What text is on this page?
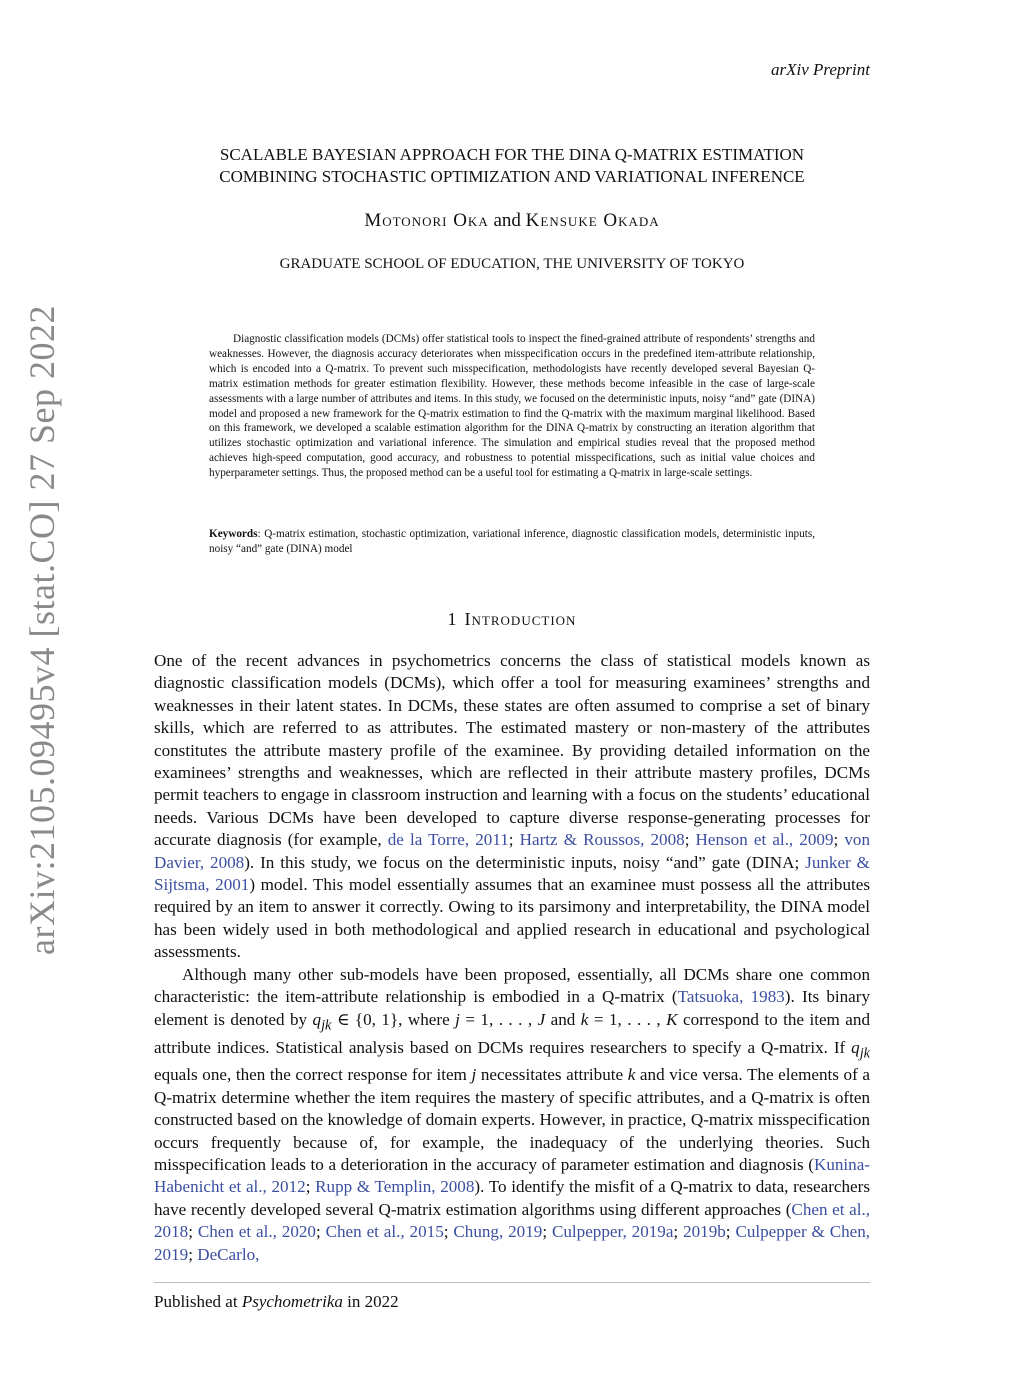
arXiv Preprint
arXiv:2105.09495v4 [stat.CO] 27 Sep 2022
SCALABLE BAYESIAN APPROACH FOR THE DINA Q-MATRIX ESTIMATION
COMBINING STOCHASTIC OPTIMIZATION AND VARIATIONAL INFERENCE
Motonori Oka and Kensuke Okada
GRADUATE SCHOOL OF EDUCATION, THE UNIVERSITY OF TOKYO
Diagnostic classification models (DCMs) offer statistical tools to inspect the fined-grained attribute of respondents’ strengths and weaknesses. However, the diagnosis accuracy deteriorates when misspecification occurs in the predefined item-attribute relationship, which is encoded into a Q-matrix. To prevent such misspecification, methodologists have recently developed several Bayesian Q-matrix estimation methods for greater estimation flexibility. However, these methods become infeasible in the case of large-scale assessments with a large number of attributes and items. In this study, we focused on the deterministic inputs, noisy “and” gate (DINA) model and proposed a new framework for the Q-matrix estimation to find the Q-matrix with the maximum marginal likelihood. Based on this framework, we developed a scalable estimation algorithm for the DINA Q-matrix by constructing an iteration algorithm that utilizes stochastic optimization and variational inference. The simulation and empirical studies reveal that the proposed method achieves high-speed computation, good accuracy, and robustness to potential misspecifications, such as initial value choices and hyperparameter settings. Thus, the proposed method can be a useful tool for estimating a Q-matrix in large-scale settings.
Keywords: Q-matrix estimation, stochastic optimization, variational inference, diagnostic classification models, deterministic inputs, noisy “and” gate (DINA) model
1 Introduction
One of the recent advances in psychometrics concerns the class of statistical models known as diagnostic classification models (DCMs), which offer a tool for measuring examinees’ strengths and weaknesses in their latent states. In DCMs, these states are often assumed to comprise a set of binary skills, which are referred to as attributes. The estimated mastery or non-mastery of the attributes constitutes the attribute mastery profile of the examinee. By providing detailed information on the examinees’ strengths and weaknesses, which are reflected in their attribute mastery profiles, DCMs permit teachers to engage in classroom instruction and learning with a focus on the students’ educational needs. Various DCMs have been developed to capture diverse response-generating processes for accurate diagnosis (for example, de la Torre, 2011; Hartz & Roussos, 2008; Henson et al., 2009; von Davier, 2008). In this study, we focus on the deterministic inputs, noisy “and” gate (DINA; Junker & Sijtsma, 2001) model. This model essentially assumes that an examinee must possess all the attributes required by an item to answer it correctly. Owing to its parsimony and interpretability, the DINA model has been widely used in both methodological and applied research in educational and psychological assessments.
Although many other sub-models have been proposed, essentially, all DCMs share one common characteristic: the item-attribute relationship is embodied in a Q-matrix (Tatsuoka, 1983). Its binary element is denoted by $q_{jk}$ ∈ {0, 1}, where j = 1, . . . , J and k = 1, . . . , K correspond to the item and attribute indices. Statistical analysis based on DCMs requires researchers to specify a Q-matrix. If $q_{jk}$ equals one, then the correct response for item j necessitates attribute k and vice versa. The elements of a Q-matrix determine whether the item requires the mastery of specific attributes, and a Q-matrix is often constructed based on the knowledge of domain experts. However, in practice, Q-matrix misspecification occurs frequently because of, for example, the inadequacy of the underlying theories. Such misspecification leads to a deterioration in the accuracy of parameter estimation and diagnosis (Kunina-Habenicht et al., 2012; Rupp & Templin, 2008). To identify the misfit of a Q-matrix to data, researchers have recently developed several Q-matrix estimation algorithms using different approaches (Chen et al., 2018; Chen et al., 2020; Chen et al., 2015; Chung, 2019; Culpepper, 2019a; 2019b; Culpepper & Chen, 2019; DeCarlo,
Published at Psychometrika in 2022
